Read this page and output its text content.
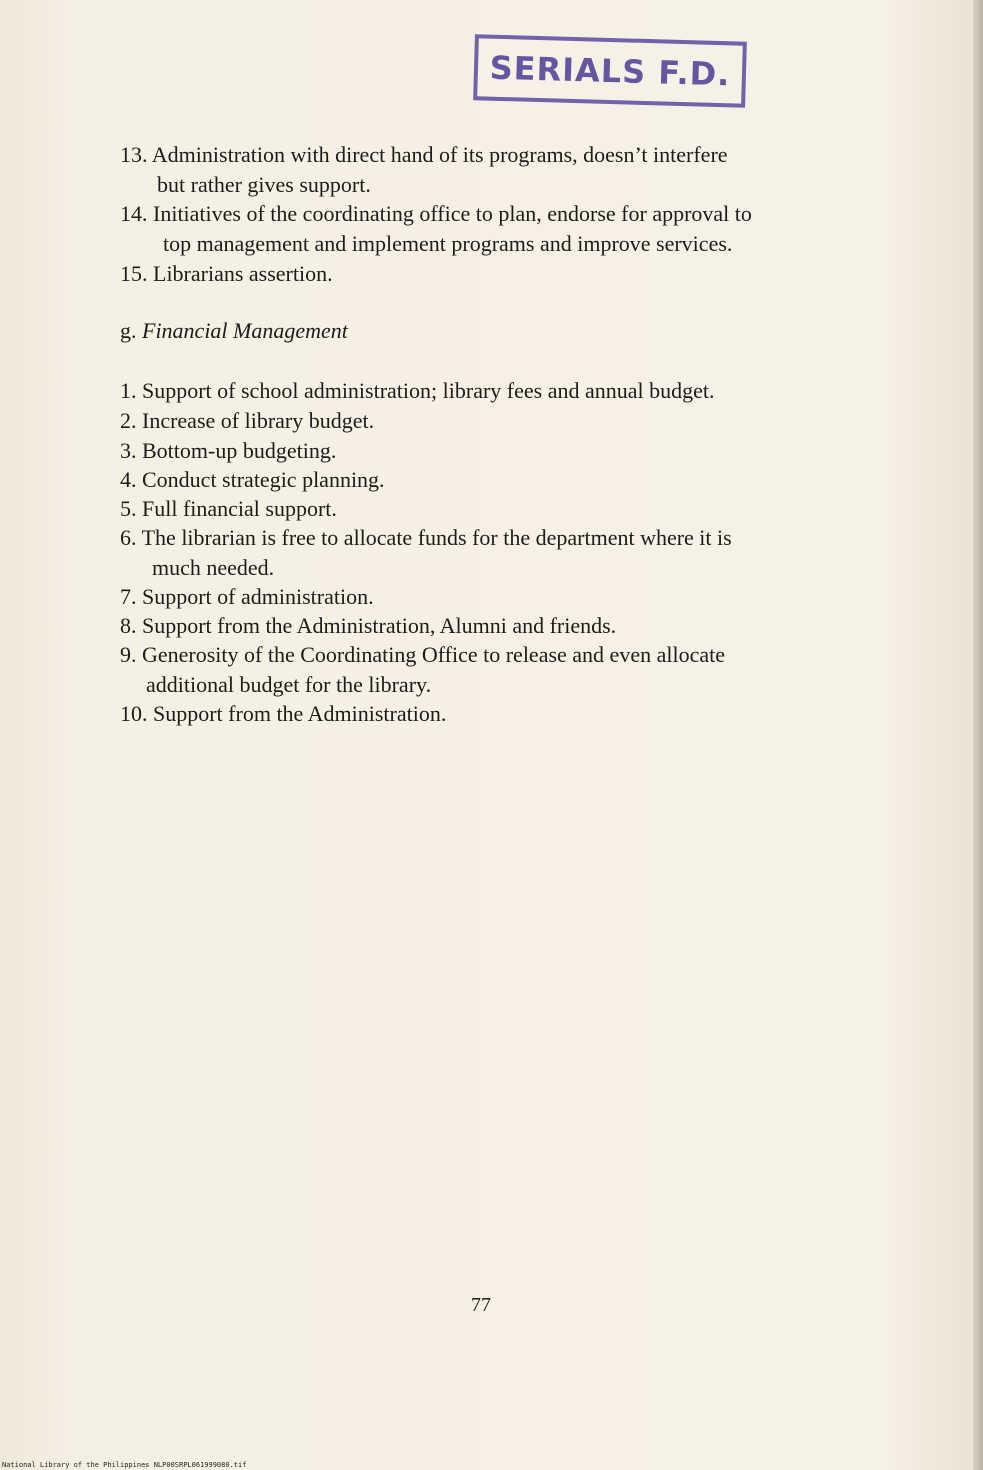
SERIALS F.D.
13. Administration with direct hand of its programs, doesn’t interfere
but rather gives support.
14. Initiatives of the coordinating office to plan, endorse for approval to
top management and implement programs and improve services.
15. Librarians assertion.
g. Financial Management
1. Support of school administration; library fees and annual budget.
2. Increase of library budget.
3. Bottom-up budgeting.
4. Conduct strategic planning.
5. Full financial support.
6. The librarian is free to allocate funds for the department where it is
much needed.
7. Support of administration.
8. Support from the Administration, Alumni and friends.
9. Generosity of the Coordinating Office to release and even allocate
additional budget for the library.
10. Support from the Administration.
77
National Library of the Philippines NLP00SRPL061999080.tif
